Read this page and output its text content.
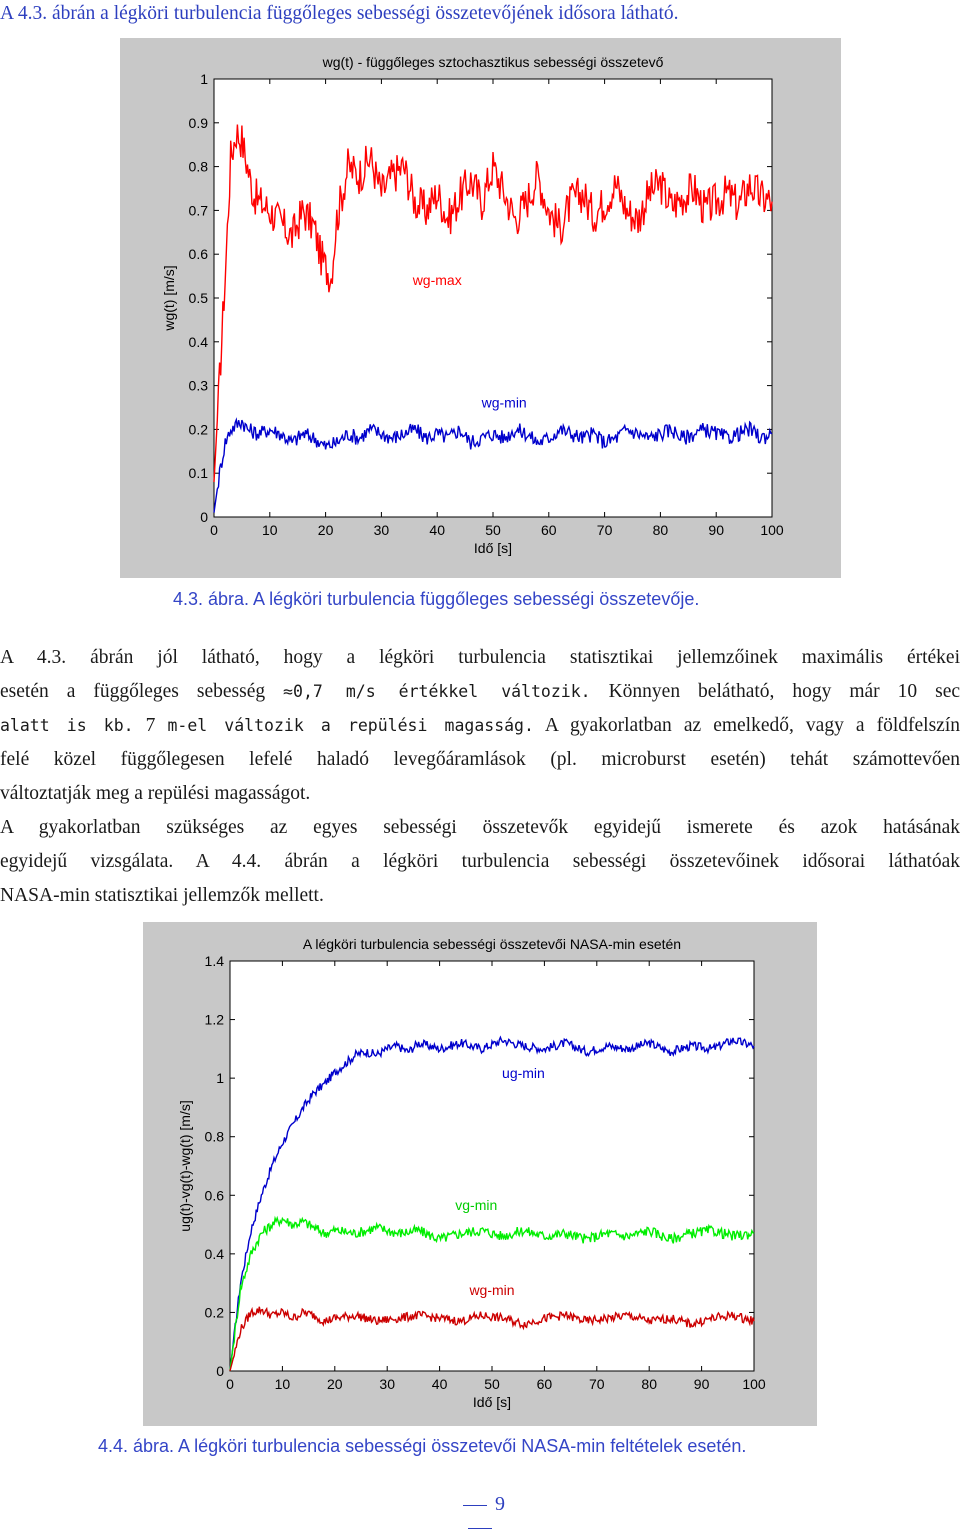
A 4.3. ábrán a légköri turbulencia függőleges sebességi összetevőjének idősora látható.
wg(t) - függőleges sztochasztikus sebességi összetevő
0	10	20	30	40	50	60	70	80	90	100
0
0.1
0.2
0.3
0.4
0.5
0.6
0.7
0.8
0.9
1
Idő [s]
wg(t) [m/s]	wg-max
wg-min
4.3. ábra. A légköri turbulencia függőleges sebességi összetevője.
A 4.3. ábrán jól látható, hogy a légköri turbulencia statisztikai jellemzőinek maximális értékei
esetén a függőleges sebesség ≈0,7 m/s értékkel változik. Könnyen belátható, hogy már 10 sec
alatt is kb. 7 m-el változik a repülési magasság. A gyakorlatban az emelkedő, vagy a földfelszín
felé közel függőlegesen lefelé haladó levegőáramlások (pl. microburst esetén) tehát számottevően
változtatják meg a repülési magasságot.
A gyakorlatban szükséges az egyes sebességi összetevők egyidejű ismerete és azok hatásának
egyidejű vizsgálata. A 4.4. ábrán a légköri turbulencia sebességi összetevőinek idősorai láthatóak
NASA-min statisztikai jellemzők mellett.
A légköri turbulencia sebességi összetevői NASA-min esetén
0	10	20	30	40	50	60	70	80	90 100
0
0.2
0.4
0.6
0.8
1
1.2
1.4
Idő [s]
ug(t)-vg(t)-wg(t) [m/s]
ug-min
vg-min
wg-min
4.4. ábra. A légköri turbulencia sebességi összetevői NASA-min feltételek esetén.
9
